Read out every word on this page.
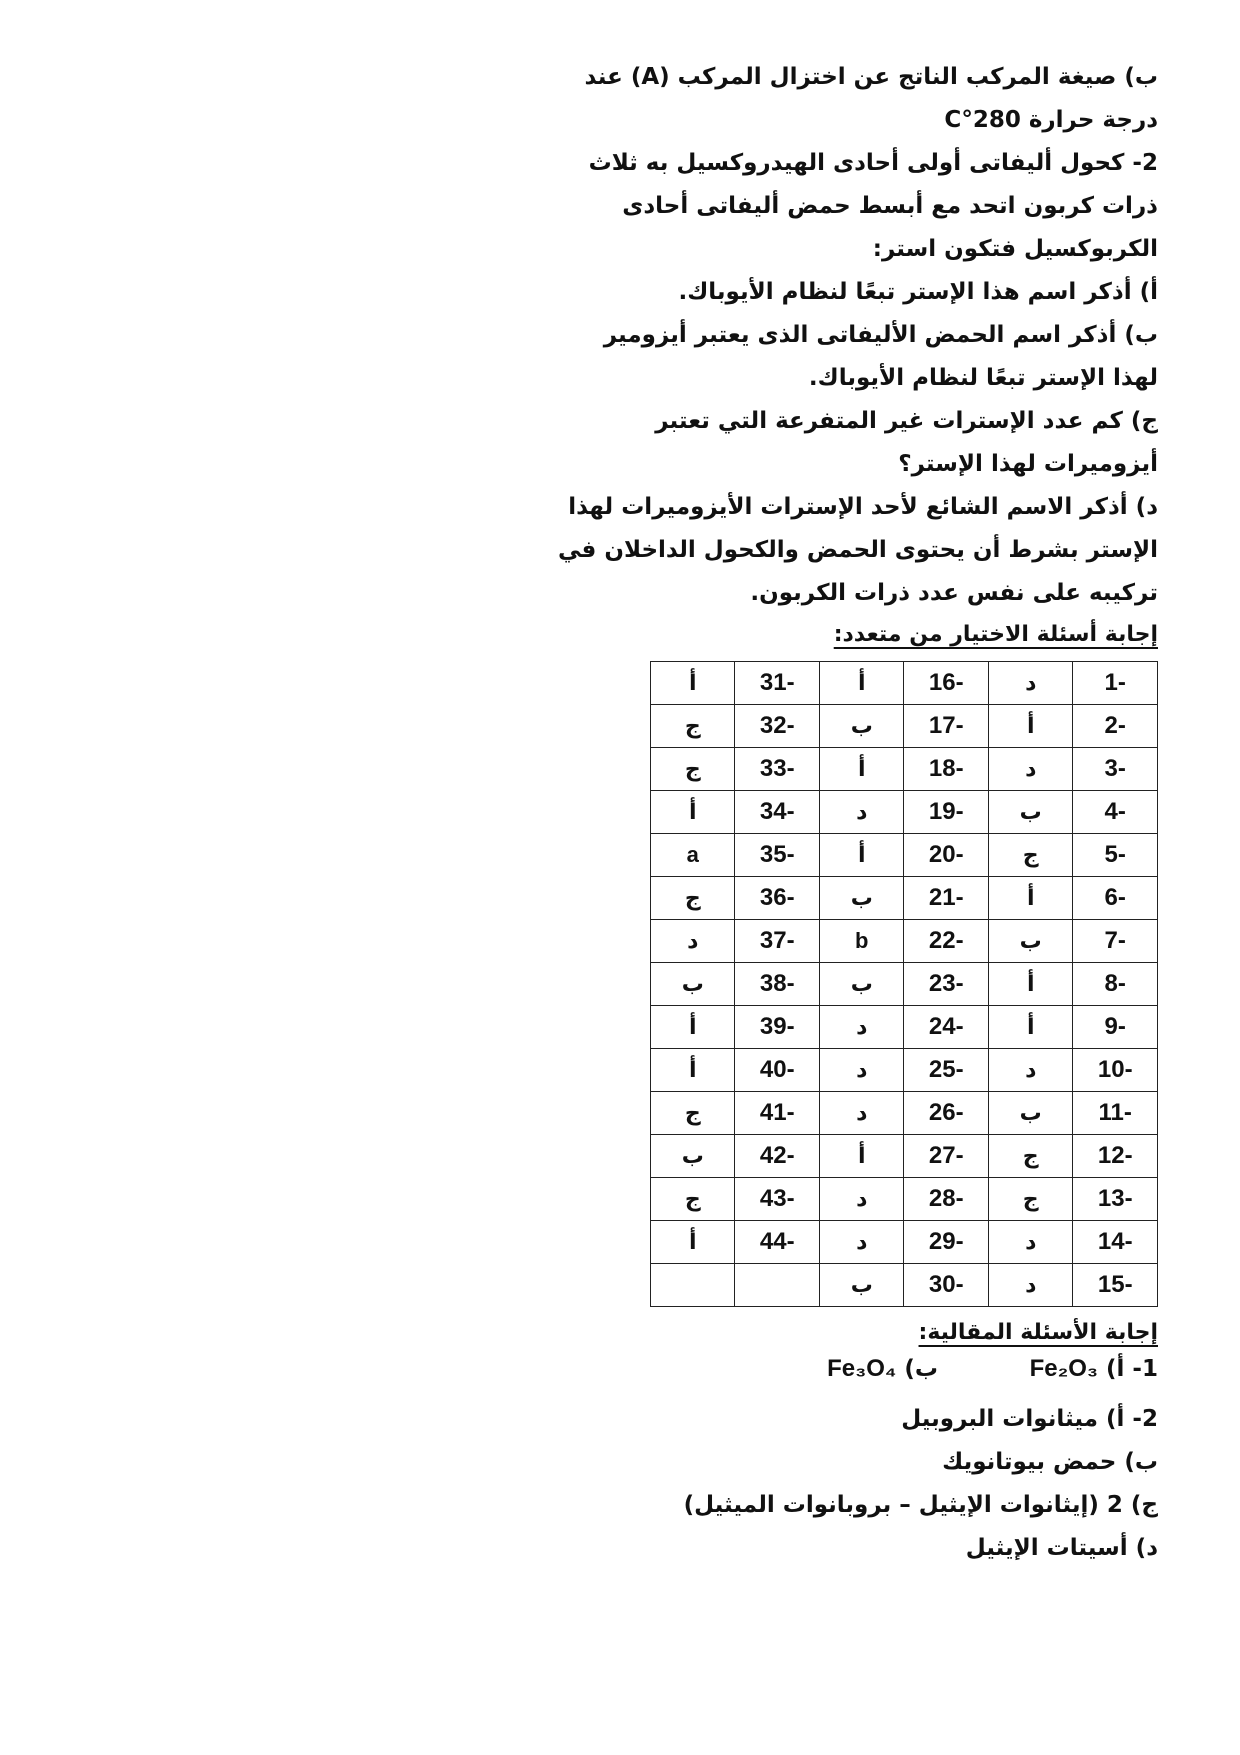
ب) صيغة المركب الناتج عن اختزال المركب (A) عند
درجة حرارة 280°C
2- كحول أليفاتى أولى أحادى الهيدروكسيل به ثلاث
ذرات كربون اتحد مع أبسط حمض أليفاتى أحادى
الكربوكسيل فتكون استر:
أ) أذكر اسم هذا الإستر تبعًا لنظام الأيوباك.
ب) أذكر اسم الحمض الأليفاتى الذى يعتبر أيزومير
لهذا الإستر تبعًا لنظام الأيوباك.
ج) كم عدد الإسترات غير المتفرعة التي تعتبر
أيزوميرات لهذا الإستر؟
د) أذكر الاسم الشائع لأحد الإسترات الأيزوميرات لهذا
الإستر بشرط أن يحتوى الحمض والكحول الداخلان في
تركيبه على نفس عدد ذرات الكربون.
إجابة أسئلة الاختيار من متعدد:
1-	د	16-	أ	31-	أ
2-	أ	17-	ب	32-	ج
3-	د	18-	أ	33-	ج
4-	ب	19-	د	34-	أ
5-	ج	20-	أ	35-	a
6-	أ	21-	ب	36-	ج
7-	ب	22-	b	37-	د
8-	أ	23-	ب	38-	ب
9-	أ	24-	د	39-	أ
10-	د	25-	د	40-	أ
11-	ب	26-	د	41-	ج
12-	ج	27-	أ	42-	ب
13-	ج	28-	د	43-	ج
14-	د	29-	د	44-	أ
15-	د	30-	ب		
إجابة الأسئلة المقالية:
1- أ) Fe₂O₃
ب) Fe₃O₄
2- أ) ميثانوات البروبيل
ب) حمض بيوتانويك
ج) 2 (إيثانوات الإيثيل – بروبانوات الميثيل)
د) أسيتات الإيثيل
